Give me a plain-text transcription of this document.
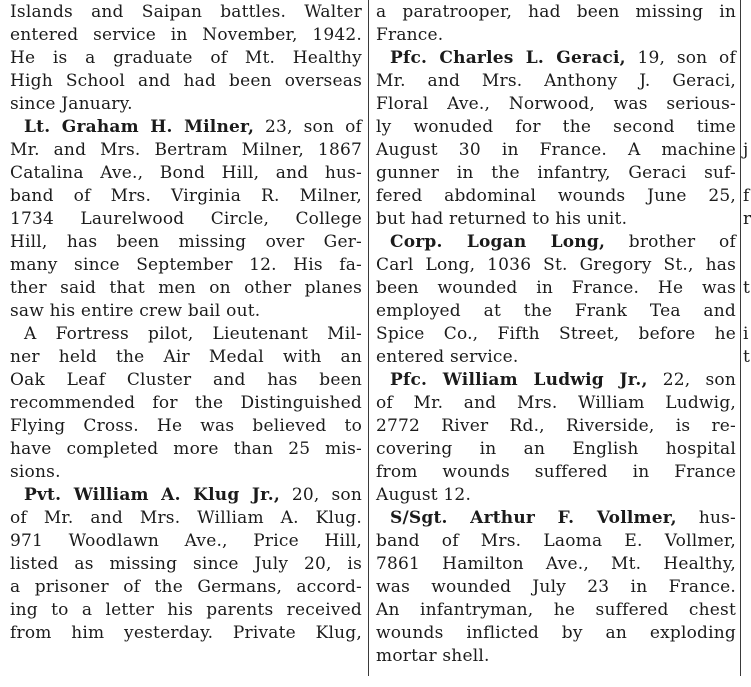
Islands and Saipan battles. Walter
entered service in November, 1942.
He is a graduate of Mt. Healthy
High School and had been overseas
since January.
Lt. Graham H. Milner, 23, son of
Mr. and Mrs. Bertram Milner, 1867
Catalina Ave., Bond Hill, and hus-
band of Mrs. Virginia R. Milner,
1734 Laurelwood Circle, College
Hill, has been missing over Ger-
many since September 12. His fa-
ther said that men on other planes
saw his entire crew bail out.
A Fortress pilot, Lieutenant Mil-
ner held the Air Medal with an
Oak Leaf Cluster and has been
recommended for the Distinguished
Flying Cross. He was believed to
have completed more than 25 mis-
sions.
Pvt. William A. Klug Jr., 20, son
of Mr. and Mrs. William A. Klug.
971 Woodlawn Ave., Price Hill,
listed as missing since July 20, is
a prisoner of the Germans, accord-
ing to a letter his parents received
from him yesterday. Private Klug,
a paratrooper, had been missing in
France.
Pfc. Charles L. Geraci, 19, son of
Mr. and Mrs. Anthony J. Geraci,
Floral Ave., Norwood, was serious-
ly wonuded for the second time
August 30 in France. A machine
gunner in the infantry, Geraci suf-
fered abdominal wounds June 25,
but had returned to his unit.
Corp. Logan Long, brother of
Carl Long, 1036 St. Gregory St., has
been wounded in France. He was
employed at the Frank Tea and
Spice Co., Fifth Street, before he
entered service.
Pfc. William Ludwig Jr., 22, son
of Mr. and Mrs. William Ludwig,
2772 River Rd., Riverside, is re-
covering in an English hospital
from wounds suffered in France
August 12.
S/Sgt. Arthur F. Vollmer, hus-
band of Mrs. Laoma E. Vollmer,
7861 Hamilton Ave., Mt. Healthy,
was wounded July 23 in France.
An infantryman, he suffered chest
wounds inflicted by an exploding
mortar shell.
j
f
r
t
i
t
